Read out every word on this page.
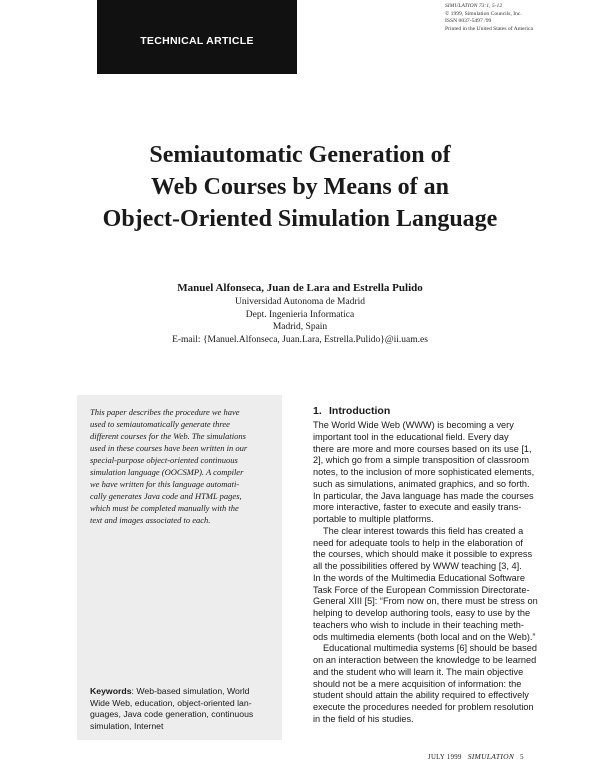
TECHNICAL ARTICLE
SIMULATION 73:1, 5-12
© 1999, Simulation Councils, Inc.
ISSN 0037-5497 /99
Printed in the United States of America
Semiautomatic Generation of
Web Courses by Means of an
Object-Oriented Simulation Language
Manuel Alfonseca, Juan de Lara and Estrella Pulido
Universidad Autonoma de Madrid
Dept. Ingenieria Informatica
Madrid, Spain
E-mail: {Manuel.Alfonseca, Juan.Lara, Estrella.Pulido}@ii.uam.es
This paper describes the procedure we have
used to semiautomatically generate three
different courses for the Web. The simulations
used in these courses have been written in our
special-purpose object-oriented continuous
simulation language (OOCSMP). A compiler
we have written for this language automati-
cally generates Java code and HTML pages,
which must be completed manually with the
text and images associated to each.
Keywords: Web-based simulation, World
Wide Web, education, object-oriented lan-
guages, Java code generation, continuous
simulation, Internet
1. Introduction
The World Wide Web (WWW) is becoming a very
important tool in the educational field. Every day
there are more and more courses based on its use [1,
2], which go from a simple transposition of classroom
notes, to the inclusion of more sophisticated elements,
such as simulations, animated graphics, and so forth.
In particular, the Java language has made the courses
more interactive, faster to execute and easily trans-
portable to multiple platforms.
The clear interest towards this field has created a
need for adequate tools to help in the elaboration of
the courses, which should make it possible to express
all the possibilities offered by WWW teaching [3, 4].
In the words of the Multimedia Educational Software
Task Force of the European Commission Directorate-
General XIII [5]: “From now on, there must be stress on
helping to develop authoring tools, easy to use by the
teachers who wish to include in their teaching meth-
ods multimedia elements (both local and on the Web).”
Educational multimedia systems [6] should be based
on an interaction between the knowledge to be learned
and the student who will learn it. The main objective
should not be a mere acquisition of information: the
student should attain the ability required to effectively
execute the procedures needed for problem resolution
in the field of his studies.
JULY 1999 SIMULATION 5
